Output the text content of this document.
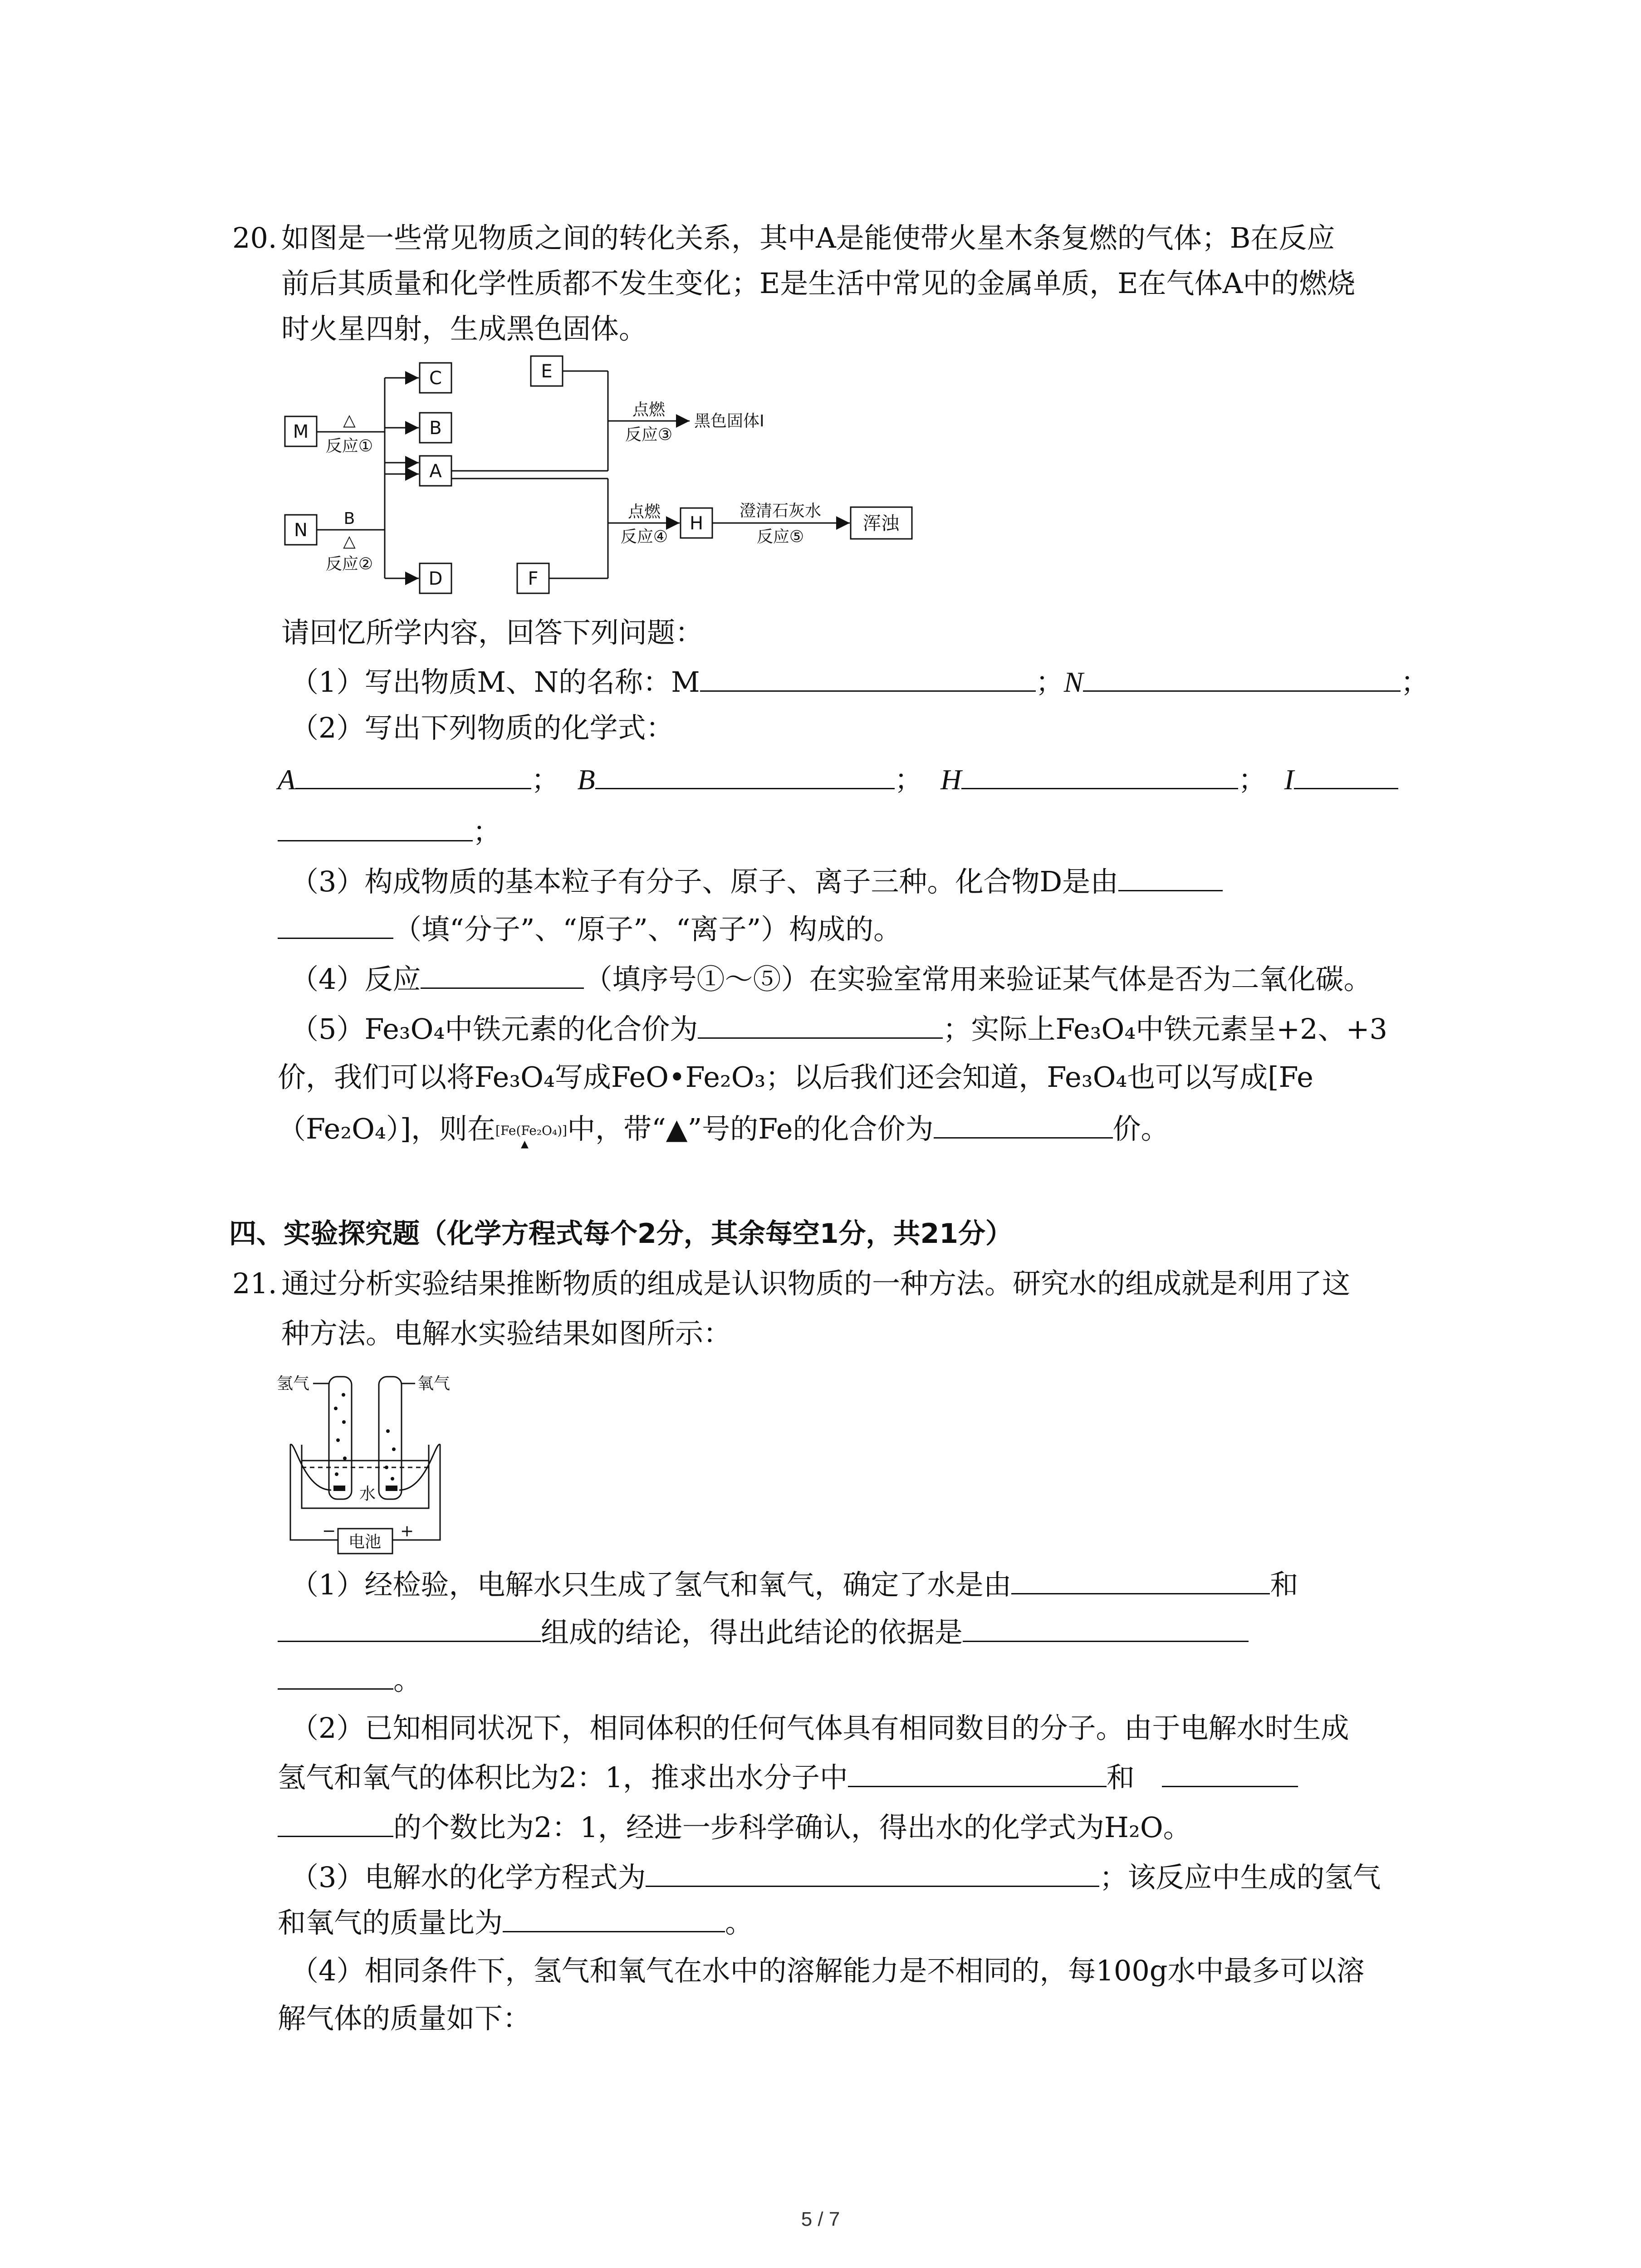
20. 如图是一些常见物质之间的转化关系，其中A是能使带火星木条复燃的气体；B在反应
前后其质量和化学性质都不发生变化；E是生活中常见的金属单质，E在气体A中的燃烧
时火星四射，生成黑色固体。
M
C
B
A
N
D
E
F
H	浑浊
△
反应①
B
△
反应②
点燃
反应③
黑色固体I
点燃
反应④
澄清石灰水
反应⑤
请回忆所学内容，回答下列问题：
（1）写出物质M、N的名称：M	；N	；
（2）写出下列物质的化学式：
A	；  B	；  H	；  I
；
（3）构成物质的基本粒子有分子、原子、离子三种。化合物D是由
（填“分子”、“原子”、“离子”）构成的。
（4）反应	（填序号①～⑤）在实验室常用来验证某气体是否为二氧化碳。
（5）Fe₃O₄中铁元素的化合价为	；实际上Fe₃O₄中铁元素呈+2、+3
价，我们可以将Fe₃O₄写成FeO•Fe₂O₃；以后我们还会知道，Fe₃O₄也可以写成[Fe
（Fe₂O₄）]，则在[Fe(Fe₂O₄)]
▲ 中，带“▲”号的Fe的化合价为	价。
四、实验探究题（化学方程式每个2分，其余每空1分，共21分）
21. 通过分析实验结果推断物质的组成是认识物质的一种方法。研究水的组成就是利用了这
种方法。电解水实验结果如图所示：
氢气	氧气
水
电池
−	+
（1）经检验，电解水只生成了氢气和氧气，确定了水是由	和
组成的结论，得出此结论的依据是
。
（2）已知相同状况下，相同体积的任何气体具有相同数目的分子。由于电解水时生成
氢气和氧气的体积比为2：1，推求出水分子中	和
的个数比为2：1，经进一步科学确认，得出水的化学式为H₂O。
（3）电解水的化学方程式为	；该反应中生成的氢气
和氧气的质量比为	。
（4）相同条件下，氢气和氧气在水中的溶解能力是不相同的，每100g水中最多可以溶
解气体的质量如下：
5 / 7
